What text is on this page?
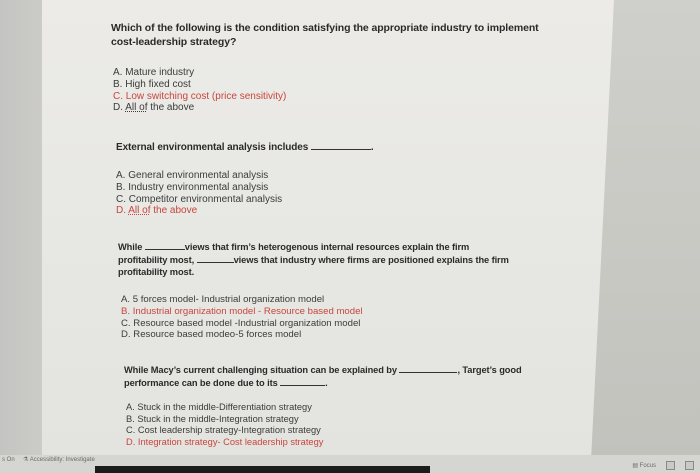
Which of the following is the condition satisfying the appropriate industry to implement
cost-leadership strategy?
A. Mature industry
B. High fixed cost
C. Low switching cost (price sensitivity)
D. All of the above
External environmental analysis includes	.
A. General environmental analysis
B. Industry environmental analysis
C. Competitor environmental analysis
D. All of the above
While	views that firm’s heterogenous internal resources explain the firm
profitability most,	views that industry where firms are positioned explains the firm
profitability most.
A. 5 forces model- Industrial organization model
B. Industrial organization model - Resource based model
C. Resource based model -Industrial organization model
D. Resource based modeo-5 forces model
While Macy’s current challenging situation can be explained by	, Target’s good
performance can be done due to its	.
A. Stuck in the middle-Differentiation strategy
B. Stuck in the middle-Integration strategy
C. Cost leadership strategy-Integration strategy
D. Integration strategy- Cost leadership strategy
s On ⚗ Accessibility: Investigate
▤ Focus
